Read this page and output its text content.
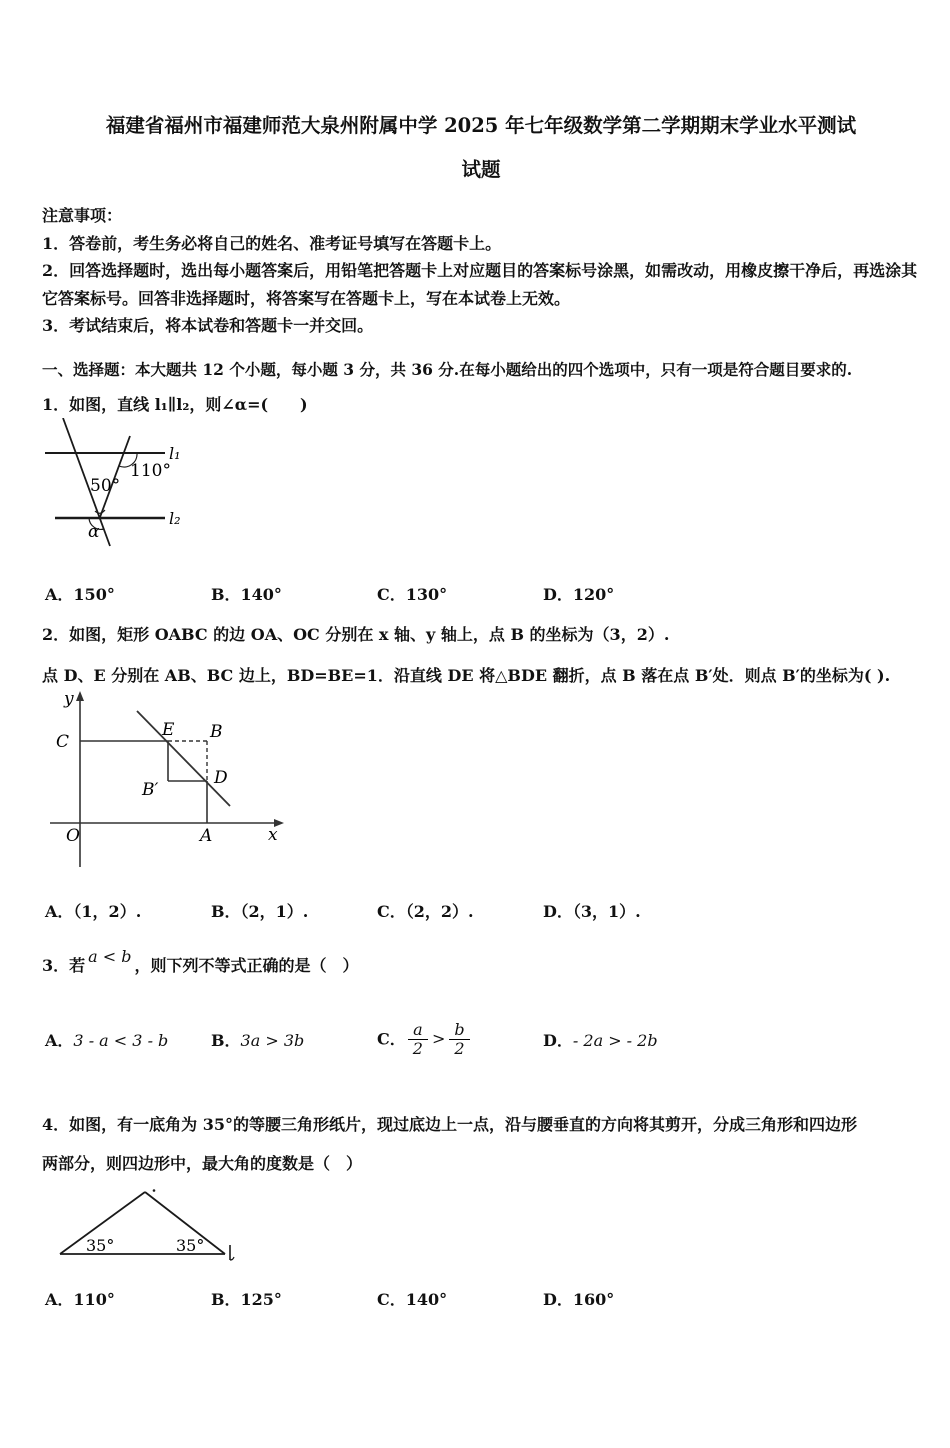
福建省福州市福建师范大泉州附属中学 2025 年七年级数学第二学期期末学业水平测试
试题

注意事项：

1．答卷前，考生务必将自己的姓名、准考证号填写在答题卡上。

2．回答选择题时，选出每小题答案后，用铅笔把答题卡上对应题目的答案标号涂黑，如需改动，用橡皮擦干净后，再选涂其它答案标号。回答非选择题时，将答案写在答题卡上，写在本试卷上无效。

3．考试结束后，将本试卷和答题卡一并交回。

一、选择题：本大题共 12 个小题，每小题 3 分，共 36 分.在每小题给出的四个选项中，只有一项是符合题目要求的.

1．如图，直线 l₁∥l₂，则∠α=(　　)

l₁
l₂
110°
50°
α
A．150°	B．140°	C．130°	D．120°

2．如图，矩形 OABC 的边 OA、OC 分别在 x 轴、y 轴上，点 B 的坐标为（3，2）.

点 D、E 分别在 AB、BC 边上，BD=BE=1．沿直线 DE 将△BDE 翻折，点 B 落在点 B′处．则点 B′的坐标为( ).

y
x
O
C
E B
B′
D
A
A．（1，2）.	B．（2，1）.	C．（2，2）.	D．（3，1）.

3．若 a < b ，则下列不等式正确的是（　）

A．3 - a < 3 - b	B．3a > 3b	C． $\frac{a}{2} > \frac{b}{2}$	D．- 2a > - 2b

4．如图，有一底角为 35°的等腰三角形纸片，现过底边上一点，沿与腰垂直的方向将其剪开，分成三角形和四边形

两部分，则四边形中，最大角的度数是（　）

35°	35°
A．110°	B．125°	C．140°	D．160°
